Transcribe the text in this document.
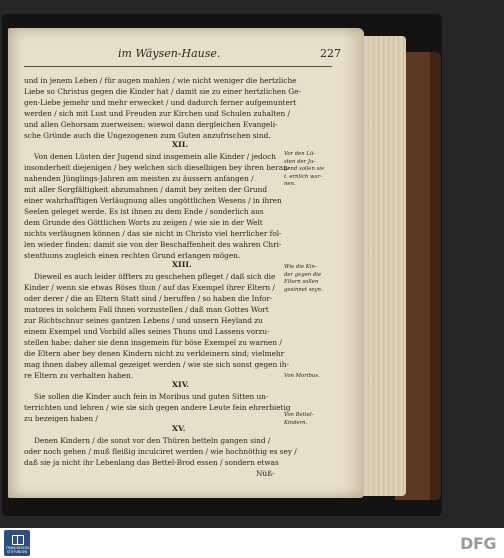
im Wäysen-Hause.	227
und in jenem Leben / für augen mahlen / wie nicht weniger die hertzliche
Liebe so Christus gegen die Kinder hat / damit sie zu einer hertzlichen Ge-
gen-Liebe jemehr und mehr erwecket / und dadurch ferner aufgemuntert
werden / sich mit Lust und Freuden zur Kirchen und Schulen zuhalten /
und allen Gehorsam zuerweisen: wiewol dann dergleichen Evangeli-
sche Gründe auch die Ungezogenen zum Guten anzufrischen sind.
XII.
Von denen Lüsten der Jugend sind insgemein alle Kinder / jedoch
insonderheit diejenigen / bey welchen sich dieselbigen bey ihren heran-
nahenden Jünglings-Jahren am meisten zu äussern anfangen /
mit aller Sorgfältigkeit abzumahnen / damit bey zeiten der Grund
einer wahrhafftigen Verläugnung alles ungöttlichen Wesens / in ihren
Seelen geleget werde. Es ist ihnen zu dem Ende / sonderlich aus
dem Grunde des Göttlichen Worts zu zeigen / wie sie in der Welt
nichts verläugnen können / das sie nicht in Christo viel herrlicher fol-
len wieder finden: damit sie von der Beschaffenheit des wahren Chri-
stenthums zugleich einen rechten Grund erlangen mögen.
XIII.
Dieweil es auch leider öffters zu geschehen pfleget / daß sich die
Kinder / wenn sie etwas Böses thun / auf das Exempel ihrer Eltern /
oder derer / die an Eltern Statt sind / beruffen / so haben die Infor-
matores in solchem Fall ihnen vorzustellen / daß man Gottes Wort
zur Richtschnur seines gantzen Lebens / und unsern Heyland zu
einem Exempel und Vorbild alles seines Thuns und Lassens vorzu-
stellen habe: daher sie denn insgemein für böse Exempel zu warnen /
die Eltern aber bey denen Kindern nicht zu verkleinern sind; vielmehr
mag ihnen dabey allemal gezeiget werden / wie sie sich sonst gegen ih-
re Eltern zu verhalten haben.
XIV.
Sie sollen die Kinder auch fein in Moribus und guten Sitten un-
terrichten und lehren / wie sie sich gegen andere Leute fein ehrerbietig
zu bezeigen haben /
XV.
Denen Kindern / die sonst vor den Thüren betteln gangen sind /
oder noch gehen / muß fleißig inculciret werden / wie hochnöthig es sey /
daß sie ja nicht ihr Lebenlang das Bettel-Brod essen / sondern etwas
Nüß-
Vor den Lü-
sten der Ju-
gend sollen sie
t. ernlich war-
nen.
Wie die Kin-
der gegen die
Eltern sollen
gesinnet seyn.
Von Moribus.
Von Bettel-
Kindern.
FRANCKESCHE
STIFTUNGEN	DFG
